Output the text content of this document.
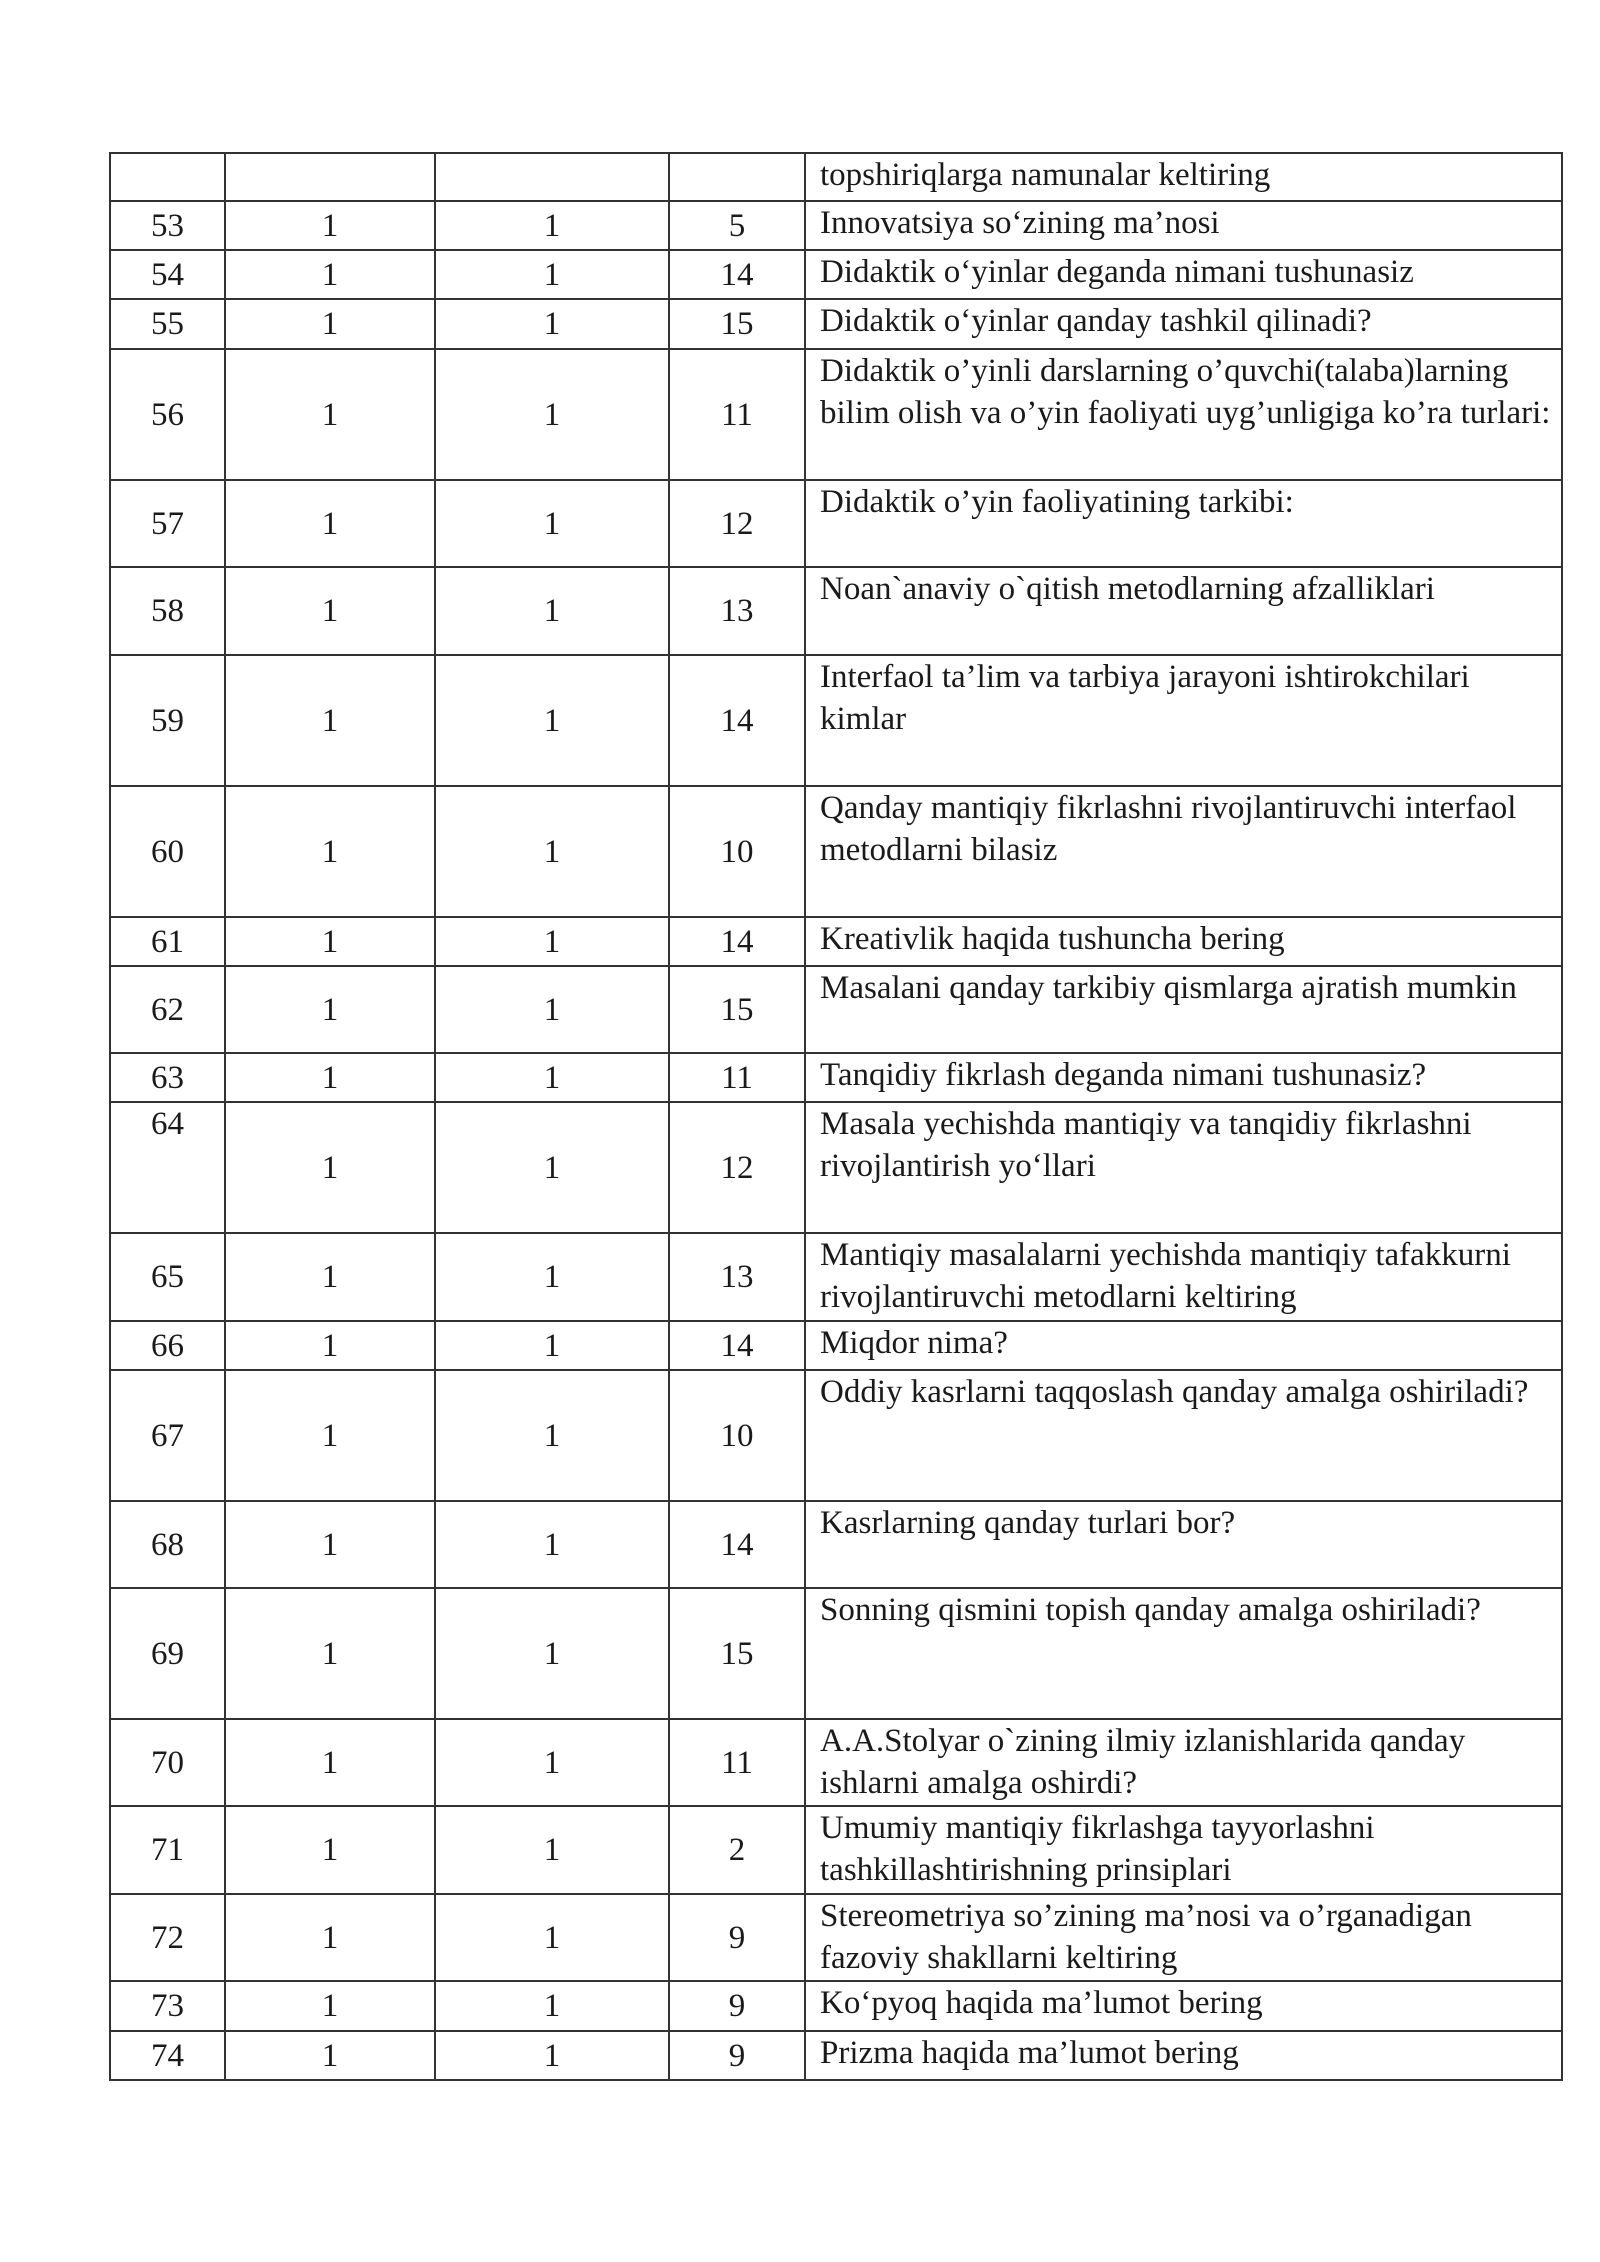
				topshiriqlarga namunalar keltiring
53	1	1	5	Innovatsiya so‘zining ma’nosi
54	1	1	14	Didaktik o‘yinlar deganda nimani tushunasiz
55	1	1	15	Didaktik o‘yinlar qanday tashkil qilinadi?
56	1	1	11	Didaktik o’yinli darslarning o’quvchi(talaba)larning bilim olish va o’yin faoliyati uyg’unligiga ko’ra turlari:
57	1	1	12	Didaktik o’yin faoliyatining tarkibi:
58	1	1	13	Noan`anaviy o`qitish metodlarning afzalliklari
59	1	1	14	Interfaol ta’lim va tarbiya jarayoni ishtirokchilari kimlar
60	1	1	10	Qanday mantiqiy fikrlashni rivojlantiruvchi interfaol metodlarni bilasiz
61	1	1	14	Kreativlik haqida tushuncha bering
62	1	1	15	Masalani qanday tarkibiy qismlarga ajratish mumkin
63	1	1	11	Tanqidiy fikrlash deganda nimani tushunasiz?
64	1	1	12	Masala yechishda mantiqiy va tanqidiy fikrlashni rivojlantirish yo‘llari
65	1	1	13	Mantiqiy masalalarni yechishda mantiqiy tafakkurni rivojlantiruvchi metodlarni keltiring
66	1	1	14	Miqdor nima?
67	1	1	10	Oddiy kasrlarni taqqoslash qanday amalga oshiriladi?
68	1	1	14	Kasrlarning qanday turlari bor?
69	1	1	15	Sonning qismini topish qanday amalga oshiriladi?
70	1	1	11	A.A.Stolyar o`zining ilmiy izlanishlarida qanday ishlarni amalga oshirdi?
71	1	1	2	Umumiy mantiqiy fikrlashga tayyorlashni tashkillashtirishning prinsiplari
72	1	1	9	Stereometriya so’zining ma’nosi va o’rganadigan fazoviy shakllarni keltiring
73	1	1	9	Ko‘pyoq haqida ma’lumot bering
74	1	1	9	Prizma haqida ma’lumot bering
